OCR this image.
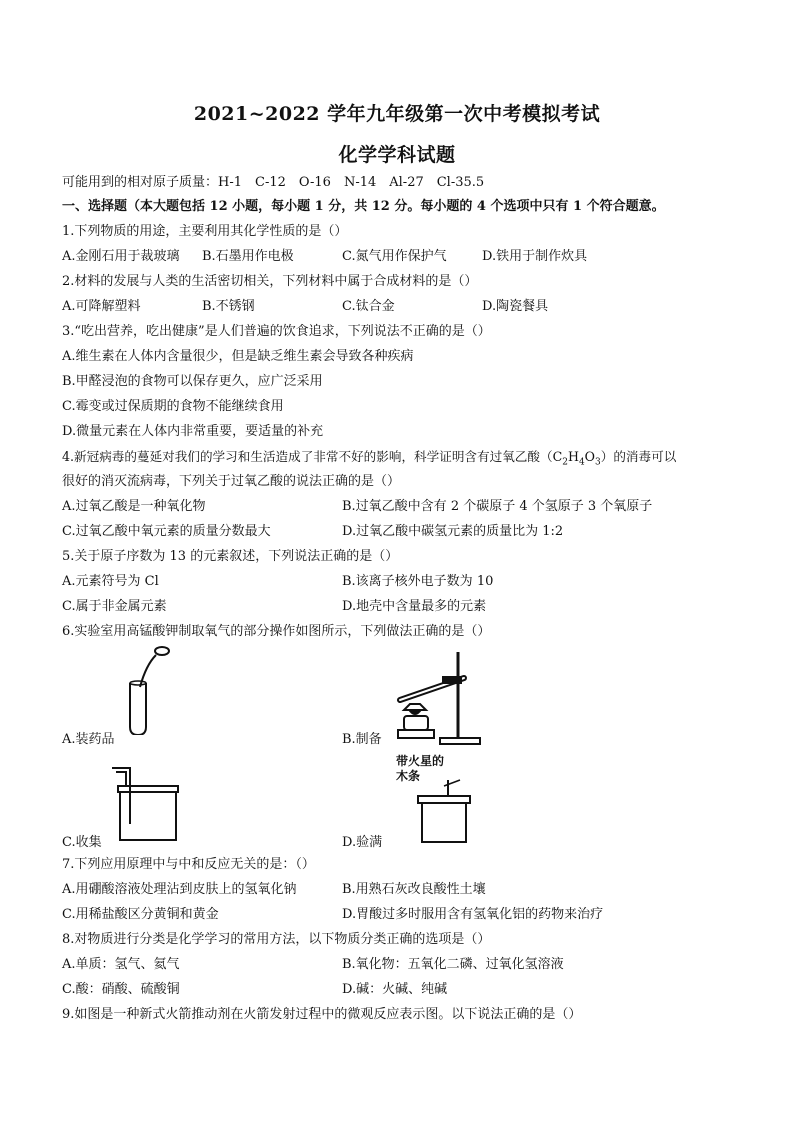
2021~2022 学年九年级第一次中考模拟考试
化学学科试题
可能用到的相对原子质量：H-1　C-12　O-16　N-14　Al-27　Cl-35.5
一、选择题（本大题包括 12 小题，每小题 1 分，共 12 分。每小题的 4 个选项中只有 1 个符合题意。
1.下列物质的用途，主要利用其化学性质的是（）
A.金刚石用于裁玻璃 B.石墨用作电极	C.氮气用作保护气	D.铁用于制作炊具
2.材料的发展与人类的生活密切相关，下列材料中属于合成材料的是（）
A.可降解塑料	B.不锈钢	C.钛合金	D.陶瓷餐具
3.“吃出营养，吃出健康”是人们普遍的饮食追求，下列说法不正确的是（）
A.维生素在人体内含量很少，但是缺乏维生素会导致各种疾病
B.甲醛浸泡的食物可以保存更久，应广泛采用
C.霉变或过保质期的食物不能继续食用
D.微量元素在人体内非常重要，要适量的补充
4.新冠病毒的蔓延对我们的学习和生活造成了非常不好的影响，科学证明含有过氧乙酸$(C_2H_4O_3)$的消毒可以
很好的消灭流病毒，下列关于过氧乙酸的说法正确的是（）
A.过氧乙酸是一种氧化物	B.过氧乙酸中含有 2 个碳原子 4 个氢原子 3 个氧原子
C.过氧乙酸中氧元素的质量分数最大	D.过氧乙酸中碳氢元素的质量比为 1:2
5.关于原子序数为 13 的元素叙述，下列说法正确的是（）
A.元素符号为 Cl	B.该离子核外电子数为 10
C.属于非金属元素	D.地壳中含量最多的元素
6.实验室用高锰酸钾制取氧气的部分操作如图所示，下列做法正确的是（）
A.装药品	B.制备
C.收集
带火星的木条
D.验满
7.下列应用原理中与中和反应无关的是：（）
A.用硼酸溶液处理沾到皮肤上的氢氧化钠	B.用熟石灰改良酸性土壤
C.用稀盐酸区分黄铜和黄金	D.胃酸过多时服用含有氢氧化铝的药物来治疗
8.对物质进行分类是化学学习的常用方法，以下物质分类正确的选项是（）
A.单质：氢气、氦气	B.氧化物：五氧化二磷、过氧化氢溶液
C.酸：硝酸、硫酸铜	D.碱：火碱、纯碱
9.如图是一种新式火箭推动剂在火箭发射过程中的微观反应表示图。以下说法正确的是（）
